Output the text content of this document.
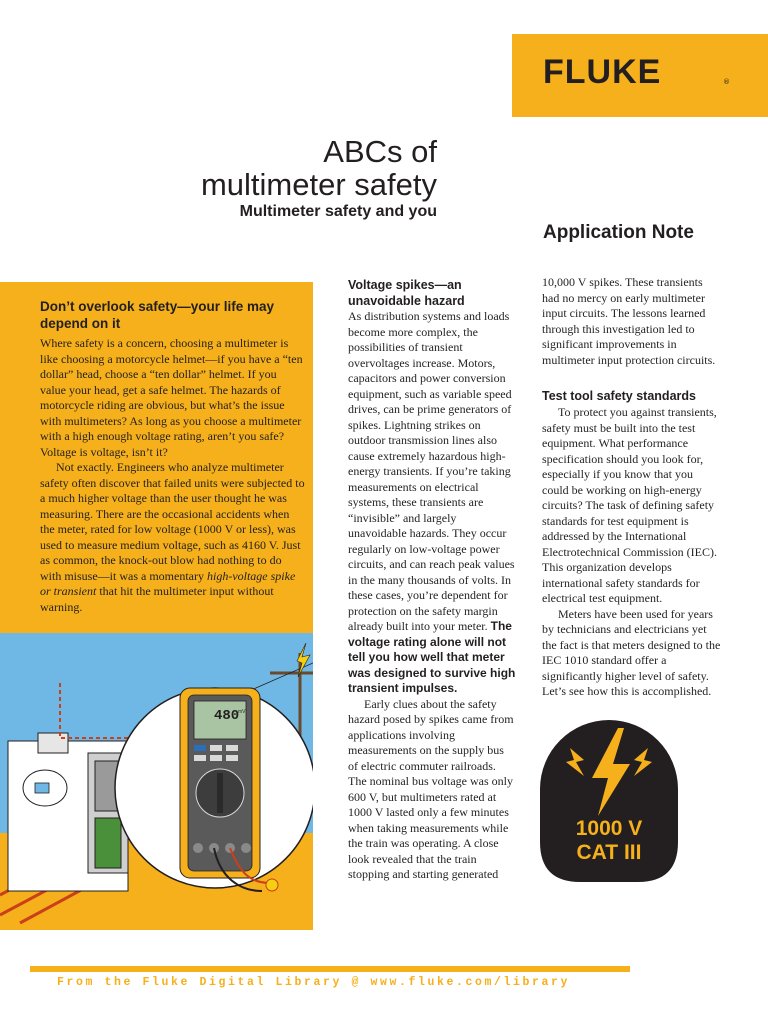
FLUKE	®
ABCs of
multimeter safety
Multimeter safety and you
Application Note
Don’t overlook safety—your life may depend on it

Where safety is a concern, choosing a multimeter is like choosing a motorcycle helmet—if you have a “ten dollar” head, choose a “ten dollar” helmet. If you value your head, get a safe helmet. The hazards of motorcycle riding are obvious, but what’s the issue with multimeters? As long as you choose a multimeter with a high enough voltage rating, aren’t you safe? Voltage is voltage, isn’t it?

Not exactly. Engineers who analyze multimeter safety often discover that failed units were subjected to a much higher voltage than the user thought he was measuring. There are the occasional accidents when the meter, rated for low voltage (1000 V or less), was used to measure medium voltage, such as 4160 V. Just as common, the knock-out blow had nothing to do with misuse—it was a momentary high-voltage spike or transient that hit the multimeter input without warning.

480
mV
Voltage spikes—an unavoidable hazard

As distribution systems and loads become more complex, the possibilities of transient overvoltages increase. Motors, capacitors and power conversion equipment, such as variable speed drives, can be prime generators of spikes. Lightning strikes on outdoor transmission lines also cause extremely hazardous high-energy transients. If you’re taking measurements on electrical systems, these transients are “invisible” and largely unavoidable hazards. They occur regularly on low-voltage power circuits, and can reach peak values in the many thousands of volts. In these cases, you’re dependent for protection on the safety margin already built into your meter. The voltage rating alone will not tell you how well that meter was designed to survive high transient impulses.

Early clues about the safety hazard posed by spikes came from applications involving measurements on the supply bus of electric commuter railroads. The nominal bus voltage was only 600 V, but multimeters rated at 1000 V lasted only a few minutes when taking measurements while the train was operating. A close look revealed that the train stopping and starting generated

10,000 V spikes. These transients had no mercy on early multimeter input circuits. The lessons learned through this investigation led to significant improvements in multimeter input protection circuits.

Test tool safety standards

To protect you against transients, safety must be built into the test equipment. What performance specification should you look for, especially if you know that you could be working on high-energy circuits? The task of defining safety standards for test equipment is addressed by the International Electrotechnical Commission (IEC). This organization develops international safety standards for electrical test equipment.

Meters have been used for years by technicians and electricians yet the fact is that meters designed to the IEC 1010 standard offer a significantly higher level of safety. Let’s see how this is accomplished.

1000 V
CAT III
From the Fluke Digital Library @ www.fluke.com/library
